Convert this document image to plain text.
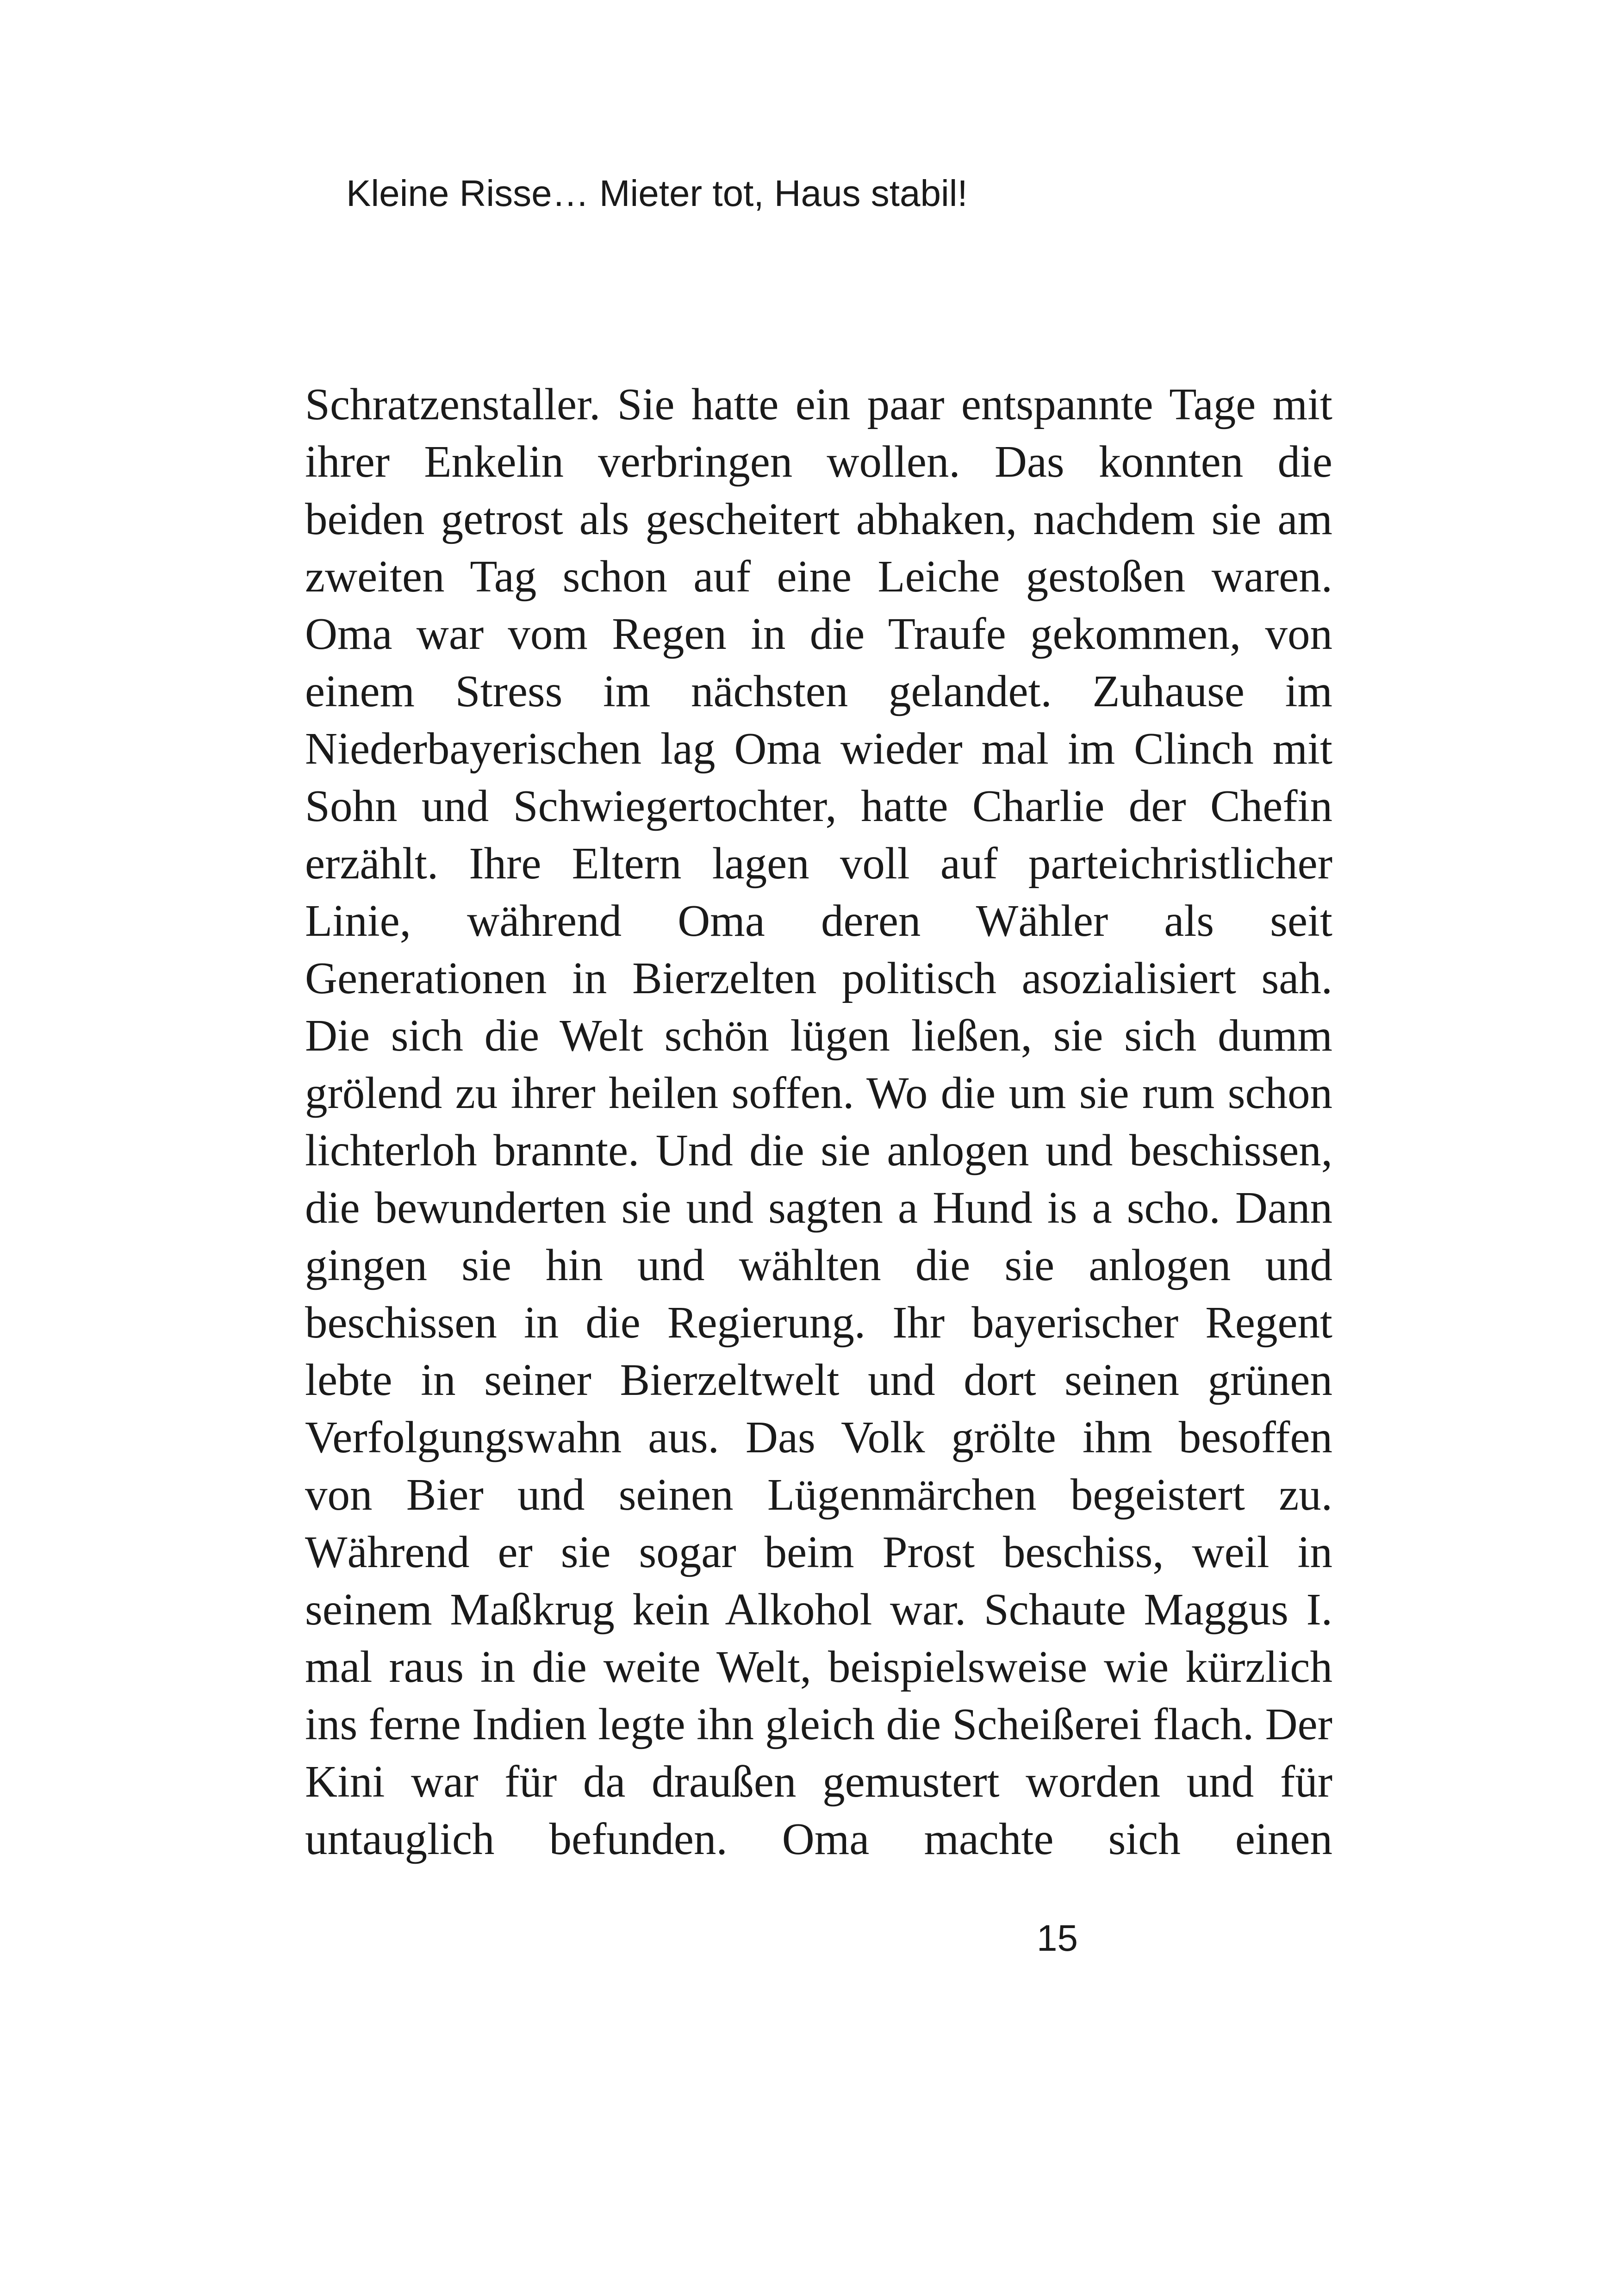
Kleine Risse… Mieter tot, Haus stabil!
Schratzenstaller. Sie hatte ein paar entspannte Tage mit
ihrer Enkelin verbringen wollen. Das konnten die
beiden getrost als gescheitert abhaken, nachdem sie am
zweiten Tag schon auf eine Leiche gestoßen waren.
Oma war vom Regen in die Traufe gekommen, von
einem Stress im nächsten gelandet. Zuhause im
Niederbayerischen lag Oma wieder mal im Clinch mit
Sohn und Schwiegertochter, hatte Charlie der Chefin
erzählt. Ihre Eltern lagen voll auf parteichristlicher
Linie, während Oma deren Wähler als seit
Generationen in Bierzelten politisch asozialisiert sah.
Die sich die Welt schön lügen ließen, sie sich dumm
grölend zu ihrer heilen soffen. Wo die um sie rum schon
lichterloh brannte. Und die sie anlogen und beschissen,
die bewunderten sie und sagten a Hund is a scho. Dann
gingen sie hin und wählten die sie anlogen und
beschissen in die Regierung. Ihr bayerischer Regent
lebte in seiner Bierzeltwelt und dort seinen grünen
Verfolgungswahn aus. Das Volk grölte ihm besoffen
von Bier und seinen Lügenmärchen begeistert zu.
Während er sie sogar beim Prost beschiss, weil in
seinem Maßkrug kein Alkohol war. Schaute Maggus I.
mal raus in die weite Welt, beispielsweise wie kürzlich
ins ferne Indien legte ihn gleich die Scheißerei flach. Der
Kini war für da draußen gemustert worden und für
untauglich befunden. Oma machte sich einen
15
